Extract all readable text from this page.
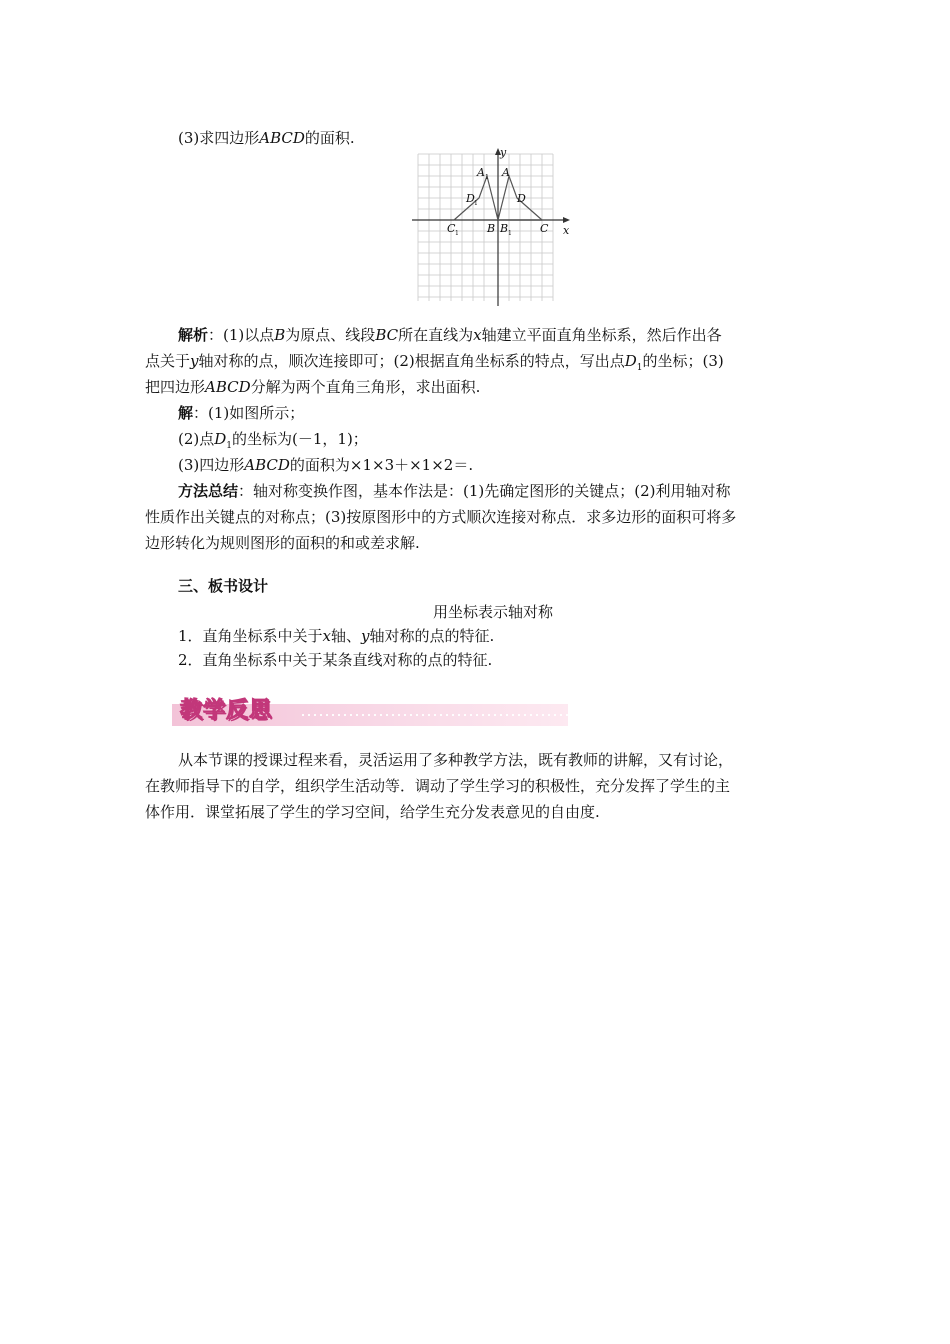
(3)求四边形ABCD的面积.
y
x
A 1 A
D 1	D
C 1	B B 1	C
解析：(1)以点B为原点、线段BC所在直线为x轴建立平面直角坐标系，然后作出各
点关于y轴对称的点，顺次连接即可；(2)根据直角坐标系的特点，写出点$D_1$的坐标；(3)
把四边形ABCD分解为两个直角三角形，求出面积.
解：(1)如图所示；
(2)点$D_1$的坐标为(－1，1)；
(3)四边形ABCD的面积为×1×3＋×1×2＝.
方法总结：轴对称变换作图，基本作法是：(1)先确定图形的关键点；(2)利用轴对称
性质作出关键点的对称点；(3)按原图形中的方式顺次连接对称点．求多边形的面积可将多
边形转化为规则图形的面积的和或差求解.
三、板书设计
用坐标表示轴对称
1．直角坐标系中关于x轴、y轴对称的点的特征.
2．直角坐标系中关于某条直线对称的点的特征.
教学反思
从本节课的授课过程来看，灵活运用了多种教学方法，既有教师的讲解，又有讨论，
在教师指导下的自学，组织学生活动等．调动了学生学习的积极性，充分发挥了学生的主
体作用．课堂拓展了学生的学习空间，给学生充分发表意见的自由度.
